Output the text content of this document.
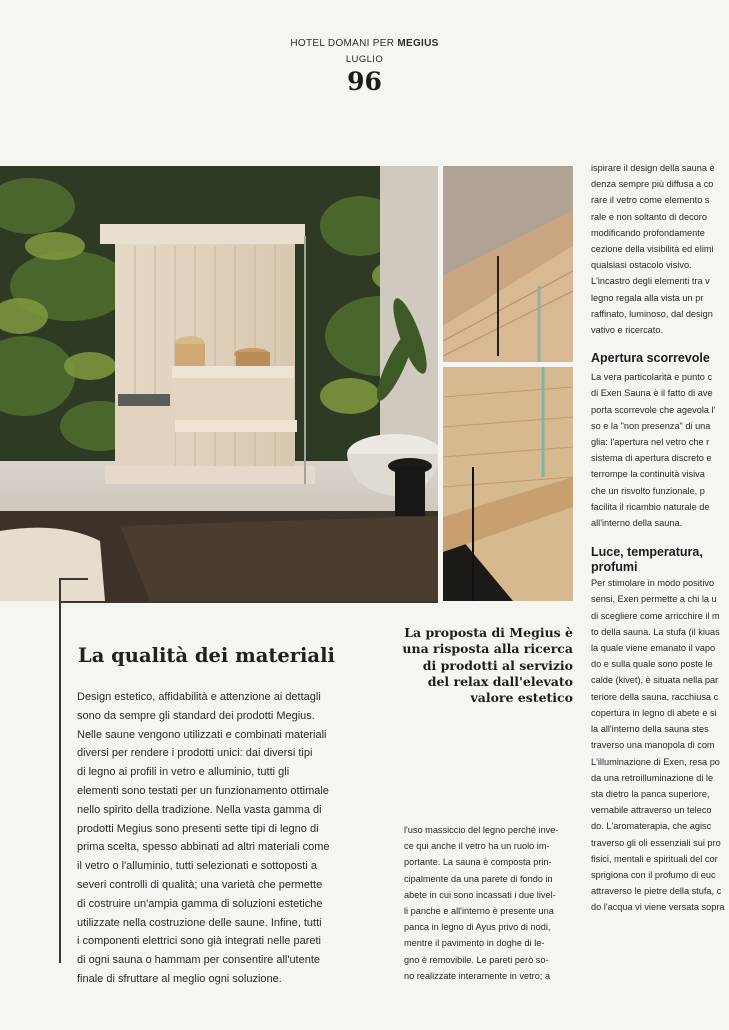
HOTEL DOMANI PER MEGIUS
LUGLIO
96

ispirare il design della sauna è

denza sempre più diffusa a co

rare il vetro come elemento s

rale e non soltanto di decoro

modificando profondamente

cezione della visibilità ed elimi

qualsiasi ostacolo visivo.

L'incastro degli elementi tra v

legno regala alla vista un pr

raffinato, luminoso, dal design

vativo e ricercato.

Apertura scorrevole

La vera particolarità e punto c

di Exen Sauna è il fatto di ave

porta scorrevole che agevola l'

so e la "non presenza" di una

glia: l'apertura nel vetro che r

sistema di apertura discreto e

terrompe la continuità visiva

che un risvolto funzionale, p

facilita il ricambio naturale de

all'interno della sauna.

Luce, temperatura,
profumi

Per stimolare in modo positivo

sensi, Exen permette a chi la u

di scegliere come arricchire il m

to della sauna. La stufa (il kiuas

la quale viene emanato il vapo

do e sulla quale sono poste le

calde (kivet), è situata nella par

teriore della sauna, racchiusa c

copertura in legno di abete e si

la all'interno della sauna stes

traverso una manopola di com

L'illuminazione di Exen, resa po

da una retroilluminazione di le

sta dietro la panca superiore,

vernabile attraverso un teleco

do. L'aromaterapia, che agisc

traverso gli oli essenziali sui pro

fisici, mentali e spirituali del cor

sprigiona con il profumo di euc

attraverso le pietre della stufa, c

do l'acqua vi viene versata sopra

La qualità dei materiali

Design estetico, affidabilità e attenzione ai dettagli

sono da sempre gli standard dei prodotti Megius.

Nelle saune vengono utilizzati e combinati materiali

diversi per rendere i prodotti unici: dai diversi tipi

di legno ai profili in vetro e alluminio, tutti gli

elementi sono testati per un funzionamento ottimale

nello spirito della tradizione. Nella vasta gamma di

prodotti Megius sono presenti sette tipi di legno di

prima scelta, spesso abbinati ad altri materiali come

il vetro o l'alluminio, tutti selezionati e sottoposti a

severi controlli di qualità; una varietà che permette

di costruire un'ampia gamma di soluzioni estetiche

utilizzate nella costruzione delle saune. Infine, tutti

i componenti elettrici sono già integrati nelle pareti

di ogni sauna o hammam per consentire all'utente

finale di sfruttare al meglio ogni soluzione.

La proposta di Megius è

una risposta alla ricerca

di prodotti al servizio

del relax dall'elevato

valore estetico

l'uso massiccio del legno perché inve-

ce qui anche il vetro ha un ruolo im-

portante. La sauna è composta prin-

cipalmente da una parete di fondo in

abete in cui sono incassati i due livel-

li panche e all'interno è presente una

panca in legno di Ayus privo di nodi,

mentre il pavimento in doghe di le-

gno è removibile. Le pareti però so-

no realizzate interamente in vetro; a
